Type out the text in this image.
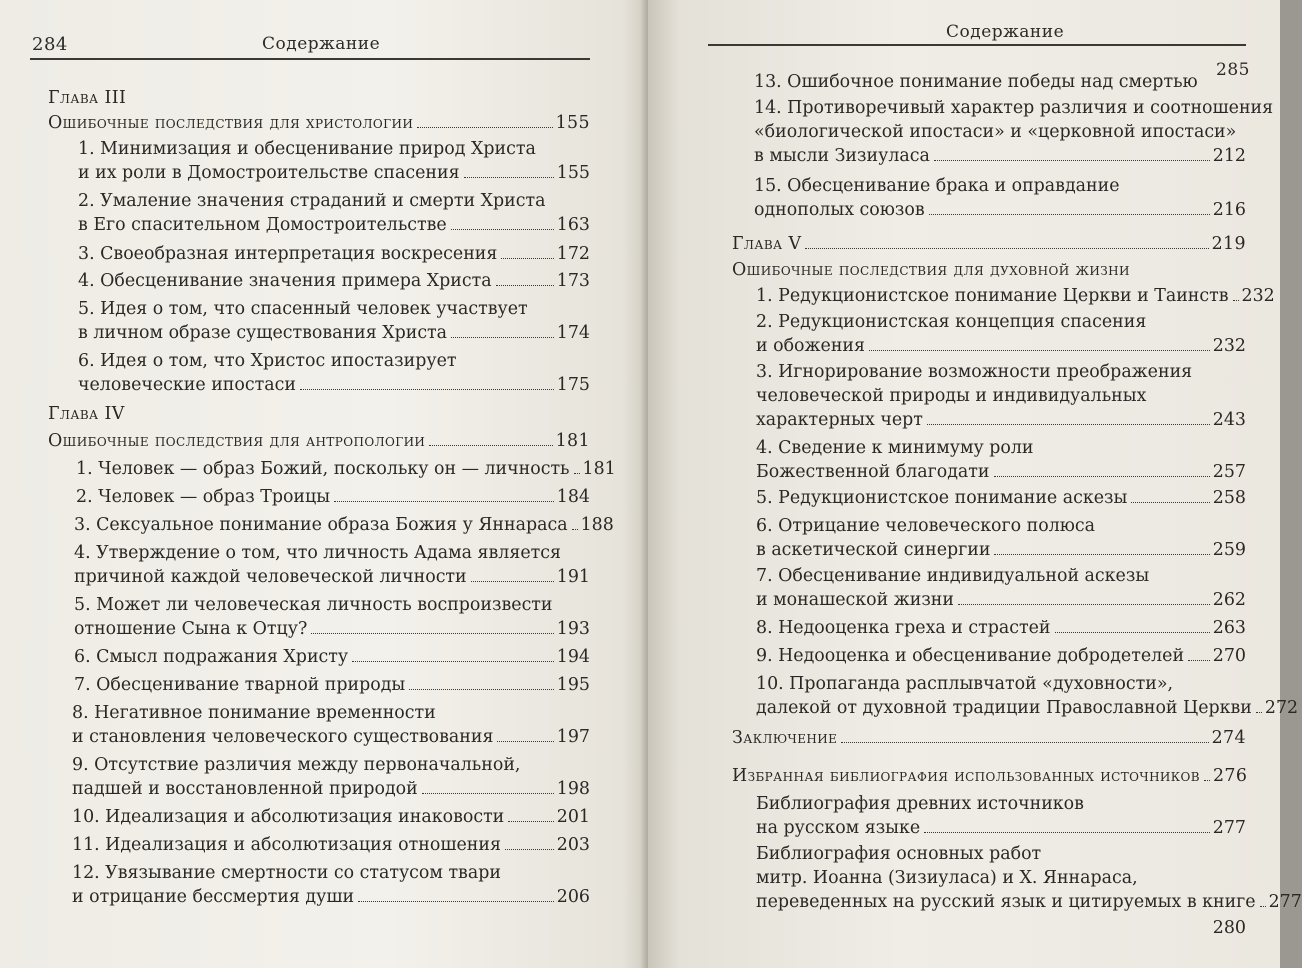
284	Содержание
Глава III
Ошибочные последствия для христологии	155
1. Минимизация и обесценивание природ Христа
и их роли в Домостроительстве спасения	155
2. Умаление значения страданий и смерти Христа
в Его спасительном Домостроительстве	163
3. Своеобразная интерпретация воскресения	172
4. Обесценивание значения примера Христа	173
5. Идея о том, что спасенный человек участвует
в личном образе существования Христа	174
6. Идея о том, что Христос ипостазирует
человеческие ипостаси	175
Глава IV
Ошибочные последствия для антропологии	181
1. Человек — образ Божий, поскольку он — личность 181
2. Человек — образ Троицы	184
3. Сексуальное понимание образа Божия у Яннараса 188
4. Утверждение о том, что личность Адама является
причиной каждой человеческой личности	191
5. Может ли человеческая личность воспроизвести
отношение Сына к Отцу?	193
6. Смысл подражания Христу	194
7. Обесценивание тварной природы	195
8. Негативное понимание временности
и становления человеческого существования	197
9. Отсутствие различия между первоначальной,
падшей и восстановленной природой	198
10. Идеализация и абсолютизация инаковости	201
11. Идеализация и абсолютизация отношения	203
12. Увязывание смертности со статусом твари
и отрицание бессмертия души	206
Содержание
285
13. Ошибочное понимание победы над смертью
14. Противоречивый характер различия и соотношения
«биологической ипостаси» и «церковной ипостаси»
в мысли Зизиуласа	212
15. Обесценивание брака и оправдание
однополых союзов	216
Глава V	219
Ошибочные последствия для духовной жизни
1. Редукционистское понимание Церкви и Таинств 232
2. Редукционистская концепция спасения
и обожения	232
3. Игнорирование возможности преображения
человеческой природы и индивидуальных
характерных черт	243
4. Сведение к минимуму роли
Божественной благодати	257
5. Редукционистское понимание аскезы	258
6. Отрицание человеческого полюса
в аскетической синергии	259
7. Обесценивание индивидуальной аскезы
и монашеской жизни	262
8. Недооценка греха и страстей	263
9. Недооценка и обесценивание добродетелей 270
10. Пропаганда расплывчатой «духовности»,
далекой от духовной традиции Православной Церкви 272
Заключение	274
Избранная библиография использованных источников 276
Библиография древних источников
на русском языке	277
Библиография основных работ
митр. Иоанна (Зизиуласа) и Х. Яннараса,
переведенных на русский язык и цитируемых в книге 277
280
